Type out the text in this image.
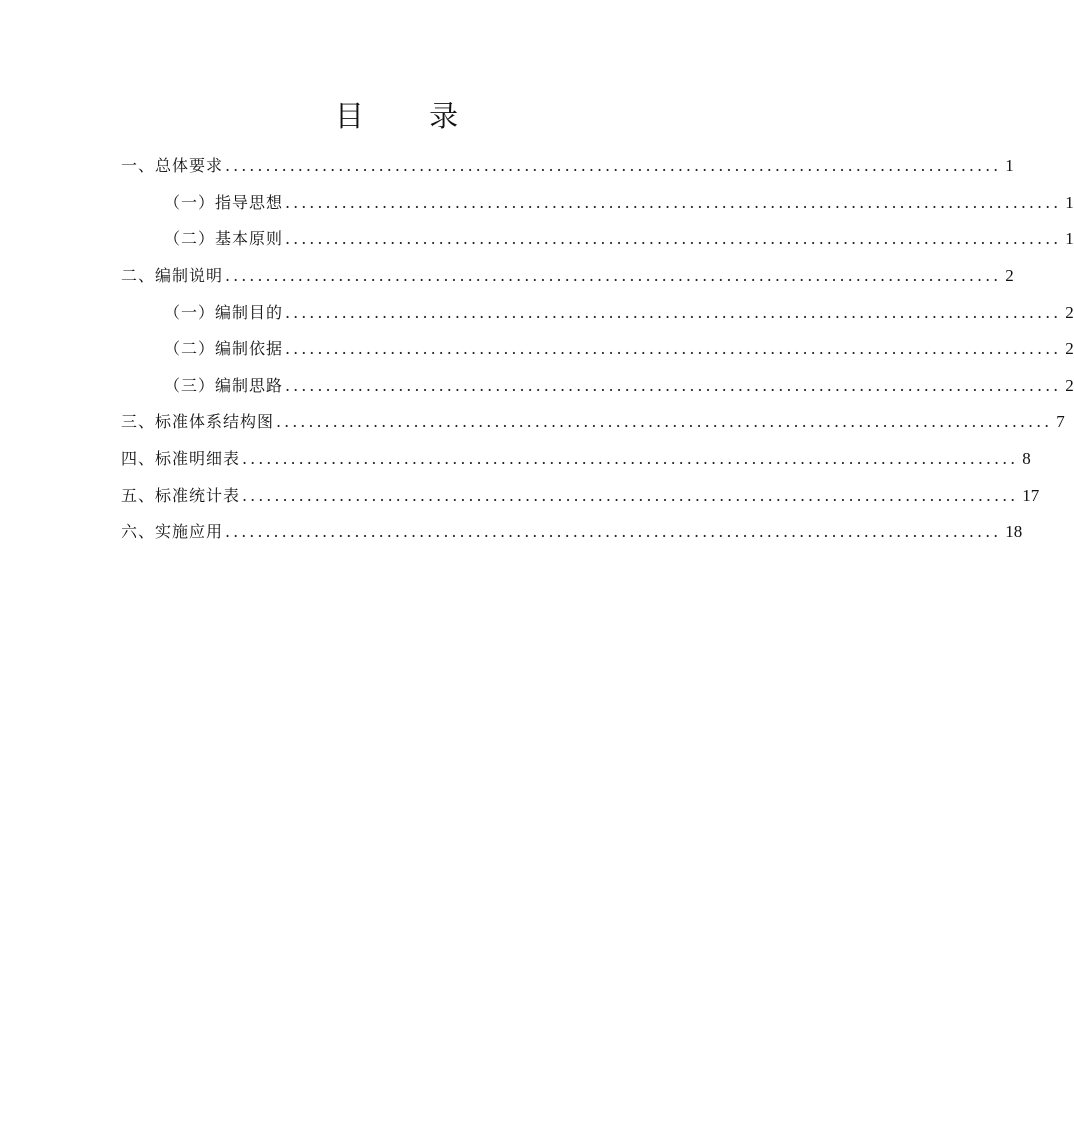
目 录
一、总体要求 ................................................................................................ 1
（一）指导思想 ................................................................................................ 1
（二）基本原则 ................................................................................................ 1
二、编制说明 ................................................................................................ 2
（一）编制目的 ................................................................................................ 2
（二）编制依据 ................................................................................................ 2
（三）编制思路 ................................................................................................ 2
三、标准体系结构图 ................................................................................................ 7
四、标准明细表 ................................................................................................ 8
五、标准统计表 ................................................................................................ 17
六、实施应用 ................................................................................................ 18
